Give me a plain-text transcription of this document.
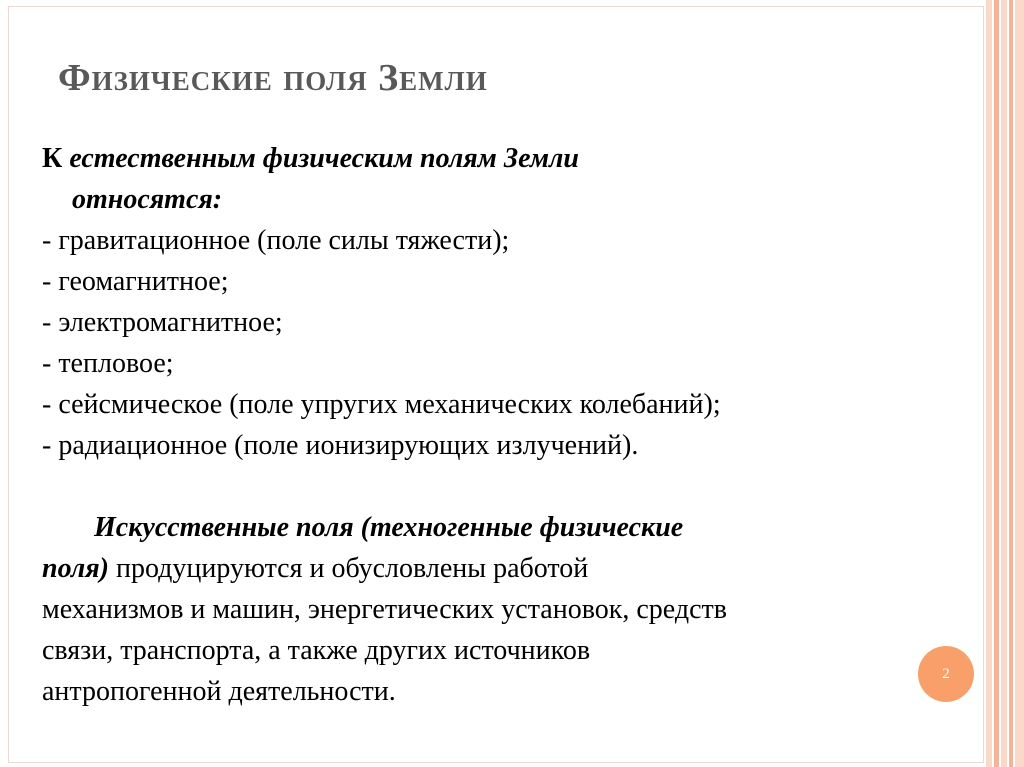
Физические поля Земли
К естественным физическим полям Земли
относятся:
- гравитационное (поле силы тяжести);
- геомагнитное;
- электромагнитное;
- тепловое;
- сейсмическое (поле упругих механических колебаний);
- радиационное (поле ионизирующих излучений).
Искусственные поля (техногенные физические
поля) продуцируются и обусловлены работой
механизмов и машин, энергетических установок, средств
связи, транспорта, а также других источников
антропогенной деятельности.
2
